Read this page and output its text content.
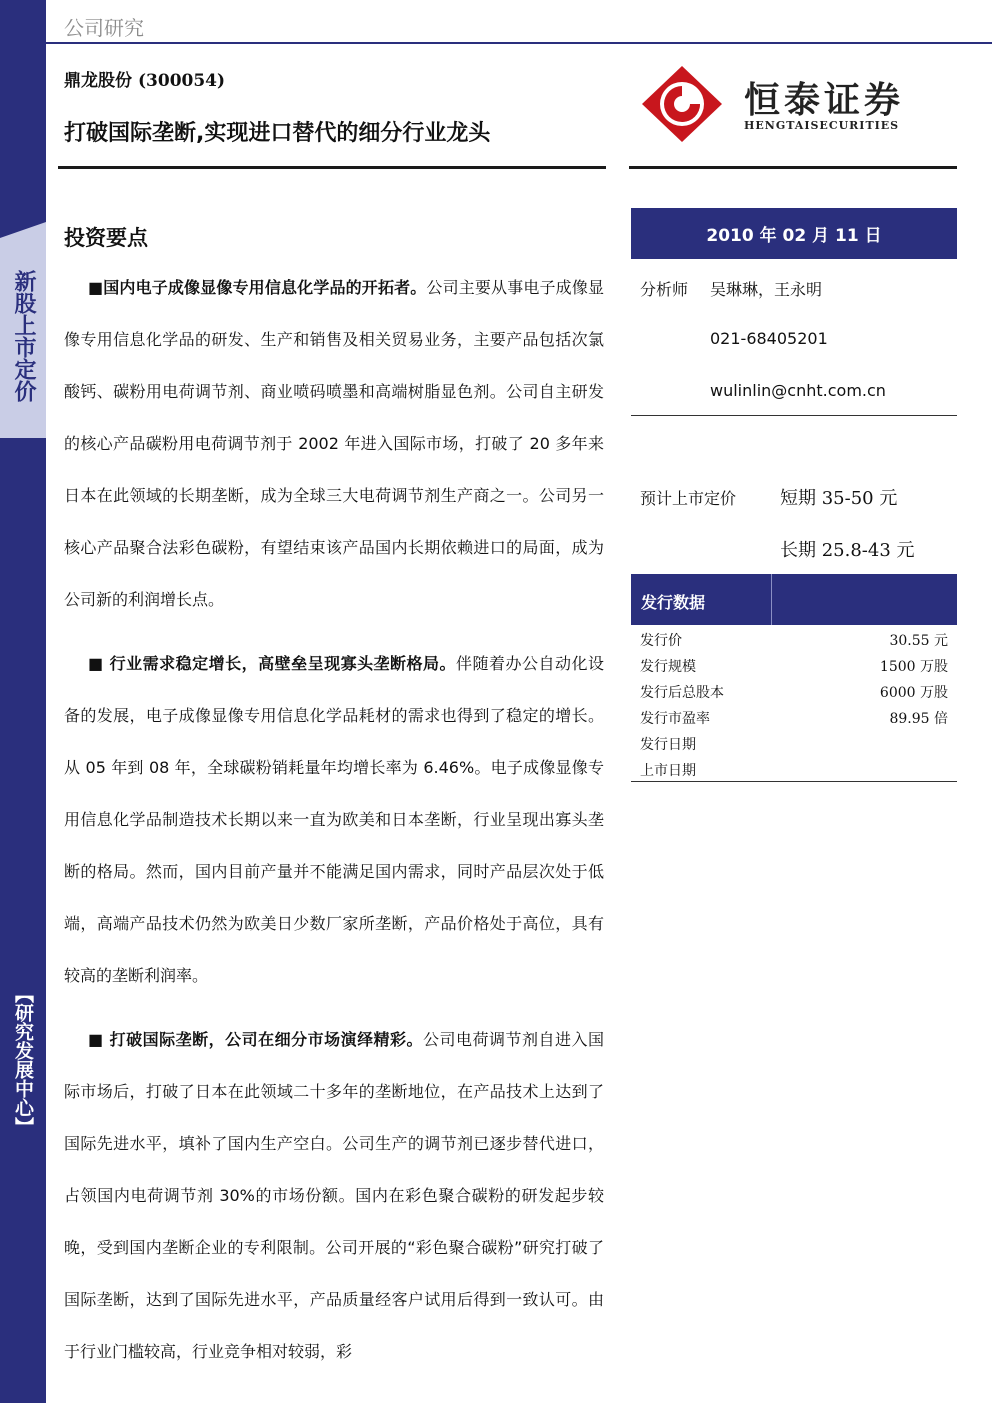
新股上市定价
【研究发展中心】
公司研究
鼎龙股份 (300054)
打破国际垄断,实现进口替代的细分行业龙头
恒泰证券
HENGTAISECURITIES
投资要点

■国内电子成像显像专用信息化学品的开拓者。公司主要从事电子成像显像专用信息化学品的研发、生产和销售及相关贸易业务，主要产品包括次氯酸钙、碳粉用电荷调节剂、商业喷码喷墨和高端树脂显色剂。公司自主研发的核心产品碳粉用电荷调节剂于 2002 年进入国际市场，打破了 20 多年来日本在此领域的长期垄断，成为全球三大电荷调节剂生产商之一。公司另一核心产品聚合法彩色碳粉，有望结束该产品国内长期依赖进口的局面，成为公司新的利润增长点。

■ 行业需求稳定增长，高壁垒呈现寡头垄断格局。伴随着办公自动化设备的发展，电子成像显像专用信息化学品耗材的需求也得到了稳定的增长。从 05 年到 08 年，全球碳粉销耗量年均增长率为 6.46%。电子成像显像专用信息化学品制造技术长期以来一直为欧美和日本垄断，行业呈现出寡头垄断的格局。然而，国内目前产量并不能满足国内需求，同时产品层次处于低端，高端产品技术仍然为欧美日少数厂家所垄断，产品价格处于高位，具有较高的垄断利润率。

■ 打破国际垄断，公司在细分市场演绎精彩。公司电荷调节剂自进入国际市场后，打破了日本在此领域二十多年的垄断地位，在产品技术上达到了国际先进水平，填补了国内生产空白。公司生产的调节剂已逐步替代进口，占领国内电荷调节剂 30%的市场份额。国内在彩色聚合碳粉的研发起步较晚，受到国内垄断企业的专利限制。公司开展的“彩色聚合碳粉”研究打破了国际垄断，达到了国际先进水平，产品质量经客户试用后得到一致认可。由于行业门槛较高，行业竞争相对较弱，彩

2010 年 02 月 11 日
分析师 吴琳琳，王永明
021-68405201
wulinlin@cnht.com.cn
预计上市定价 短期 35-50 元
长期 25.8-43 元
发行数据
发行价	30.55 元
发行规模	1500 万股
发行后总股本	6000 万股
发行市盈率	89.95 倍
发行日期
上市日期
